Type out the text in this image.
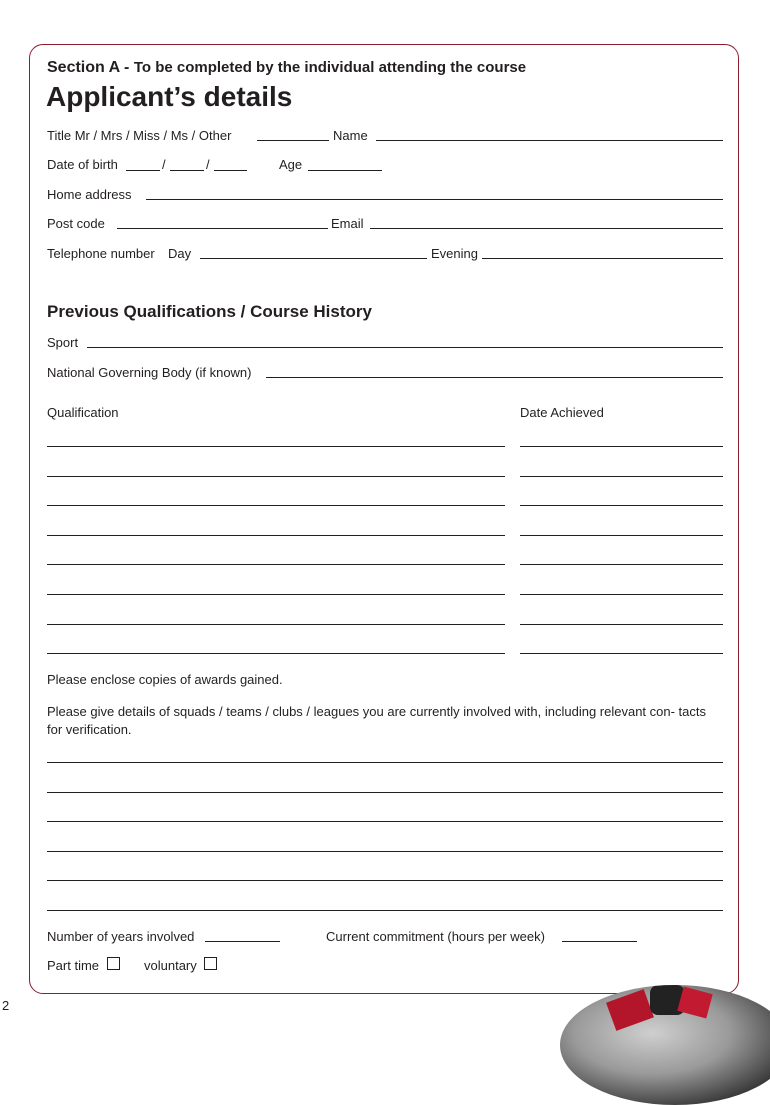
Section A - To be completed by the individual attending the course
Applicant’s details
Title Mr / Mrs / Miss / Ms / Other	Name
Date of birth	/	/	Age
Home address
Post code	Email
Telephone number Day	Evening
Previous Qualifications / Course History
Sport
National Governing Body (if known)
Qualification	Date Achieved
Please enclose copies of awards gained.
Please give details of squads / teams / clubs / leagues you are currently involved with, including relevant con- tacts for verification.
Number of years involved	Current commitment (hours per week)
Part time	voluntary
2
